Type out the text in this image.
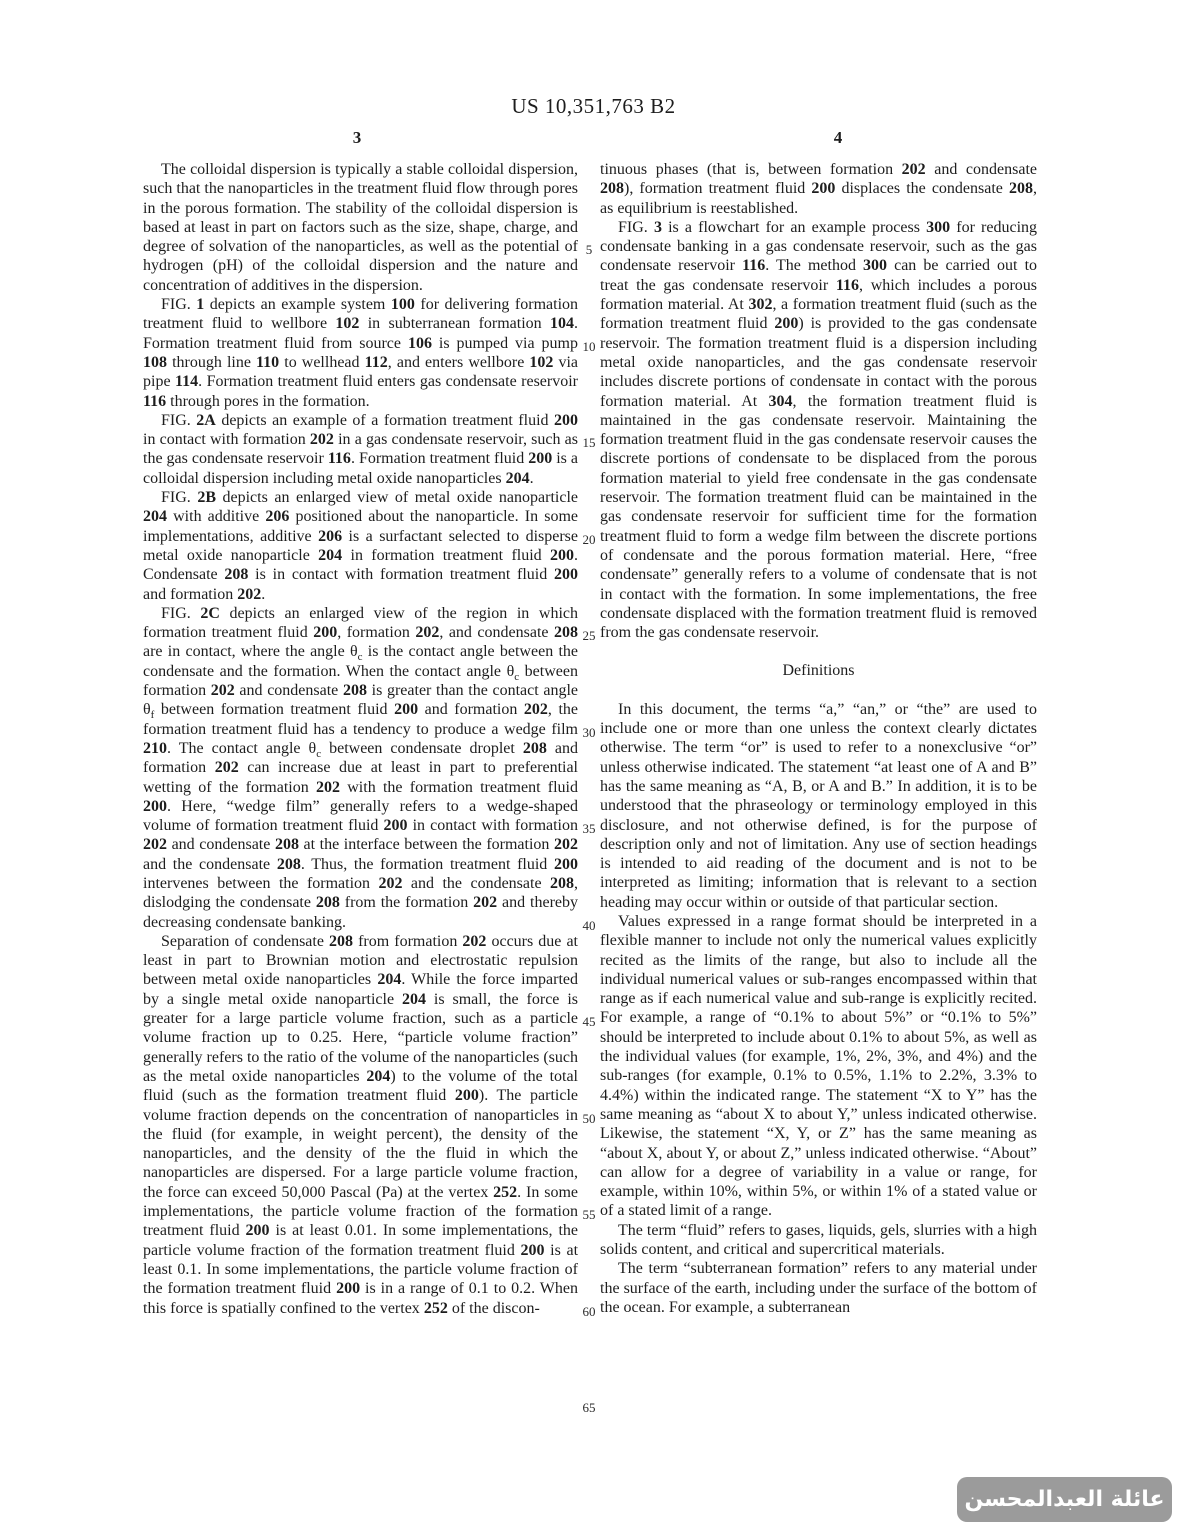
US 10,351,763 B2
3	4

The colloidal dispersion is typically a stable colloidal dispersion, such that the nanoparticles in the treatment fluid flow through pores in the porous formation. The stability of the colloidal dispersion is based at least in part on factors such as the size, shape, charge, and degree of solvation of the nanoparticles, as well as the potential of hydrogen (pH) of the colloidal dispersion and the nature and concentration of additives in the dispersion.

FIG. 1 depicts an example system 100 for delivering formation treatment fluid to wellbore 102 in subterranean formation 104. Formation treatment fluid from source 106 is pumped via pump 108 through line 110 to wellhead 112, and enters wellbore 102 via pipe 114. Formation treatment fluid enters gas condensate reservoir 116 through pores in the formation.

FIG. 2A depicts an example of a formation treatment fluid 200 in contact with formation 202 in a gas condensate reservoir, such as the gas condensate reservoir 116. Formation treatment fluid 200 is a colloidal dispersion including metal oxide nanoparticles 204.

FIG. 2B depicts an enlarged view of metal oxide nanoparticle 204 with additive 206 positioned about the nanoparticle. In some implementations, additive 206 is a surfactant selected to disperse metal oxide nanoparticle 204 in formation treatment fluid 200. Condensate 208 is in contact with formation treatment fluid 200 and formation 202.

FIG. 2C depicts an enlarged view of the region in which formation treatment fluid 200, formation 202, and condensate 208 are in contact, where the angle $\theta_c$ is the contact angle between the condensate and the formation. When the contact angle $\theta_c$ between formation 202 and condensate 208 is greater than the contact angle $\theta_f$ between formation treatment fluid 200 and formation 202, the formation treatment fluid has a tendency to produce a wedge film 210. The contact angle $\theta_c$ between condensate droplet 208 and formation 202 can increase due at least in part to preferential wetting of the formation 202 with the formation treatment fluid 200. Here, “wedge film” generally refers to a wedge-shaped volume of formation treatment fluid 200 in contact with formation 202 and condensate 208 at the interface between the formation 202 and the condensate 208. Thus, the formation treatment fluid 200 intervenes between the formation 202 and the condensate 208, dislodging the condensate 208 from the formation 202 and thereby decreasing condensate banking.

Separation of condensate 208 from formation 202 occurs due at least in part to Brownian motion and electrostatic repulsion between metal oxide nanoparticles 204. While the force imparted by a single metal oxide nanoparticle 204 is small, the force is greater for a large particle volume fraction, such as a particle volume fraction up to 0.25. Here, “particle volume fraction” generally refers to the ratio of the volume of the nanoparticles (such as the metal oxide nanoparticles 204) to the volume of the total fluid (such as the formation treatment fluid 200). The particle volume fraction depends on the concentration of nanoparticles in the fluid (for example, in weight percent), the density of the nanoparticles, and the density of the the fluid in which the nanoparticles are dispersed. For a large particle volume fraction, the force can exceed 50,000 Pascal (Pa) at the vertex 252. In some implementations, the particle volume fraction of the formation treatment fluid 200 is at least 0.01. In some implementations, the particle volume fraction of the formation treatment fluid 200 is at least 0.1. In some implementations, the particle volume fraction of the formation treatment fluid 200 is in a range of 0.1 to 0.2. When this force is spatially confined to the vertex 252 of the discon-

5
10
15
20
25
30
35
40
45
50
55
60
65

tinuous phases (that is, between formation 202 and condensate 208), formation treatment fluid 200 displaces the condensate 208, as equilibrium is reestablished.

FIG. 3 is a flowchart for an example process 300 for reducing condensate banking in a gas condensate reservoir, such as the gas condensate reservoir 116. The method 300 can be carried out to treat the gas condensate reservoir 116, which includes a porous formation material. At 302, a formation treatment fluid (such as the formation treatment fluid 200) is provided to the gas condensate reservoir. The formation treatment fluid is a dispersion including metal oxide nanoparticles, and the gas condensate reservoir includes discrete portions of condensate in contact with the porous formation material. At 304, the formation treatment fluid is maintained in the gas condensate reservoir. Maintaining the formation treatment fluid in the gas condensate reservoir causes the discrete portions of condensate to be displaced from the porous formation material to yield free condensate in the gas condensate reservoir. The formation treatment fluid can be maintained in the gas condensate reservoir for sufficient time for the formation treatment fluid to form a wedge film between the discrete portions of condensate and the porous formation material. Here, “free condensate” generally refers to a volume of condensate that is not in contact with the formation. In some implementations, the free condensate displaced with the formation treatment fluid is removed from the gas condensate reservoir.

Definitions

In this document, the terms “a,” “an,” or “the” are used to include one or more than one unless the context clearly dictates otherwise. The term “or” is used to refer to a nonexclusive “or” unless otherwise indicated. The statement “at least one of A and B” has the same meaning as “A, B, or A and B.” In addition, it is to be understood that the phraseology or terminology employed in this disclosure, and not otherwise defined, is for the purpose of description only and not of limitation. Any use of section headings is intended to aid reading of the document and is not to be interpreted as limiting; information that is relevant to a section heading may occur within or outside of that particular section.

Values expressed in a range format should be interpreted in a flexible manner to include not only the numerical values explicitly recited as the limits of the range, but also to include all the individual numerical values or sub-ranges encompassed within that range as if each numerical value and sub-range is explicitly recited. For example, a range of “0.1% to about 5%” or “0.1% to 5%” should be interpreted to include about 0.1% to about 5%, as well as the individual values (for example, 1%, 2%, 3%, and 4%) and the sub-ranges (for example, 0.1% to 0.5%, 1.1% to 2.2%, 3.3% to 4.4%) within the indicated range. The statement “X to Y” has the same meaning as “about X to about Y,” unless indicated otherwise. Likewise, the statement “X, Y, or Z” has the same meaning as “about X, about Y, or about Z,” unless indicated otherwise. “About” can allow for a degree of variability in a value or range, for example, within 10%, within 5%, or within 1% of a stated value or of a stated limit of a range.

The term “fluid” refers to gases, liquids, gels, slurries with a high solids content, and critical and supercritical materials.

The term “subterranean formation” refers to any material under the surface of the earth, including under the surface of the bottom of the ocean. For example, a subterranean

عائلة العبدالمحسن
